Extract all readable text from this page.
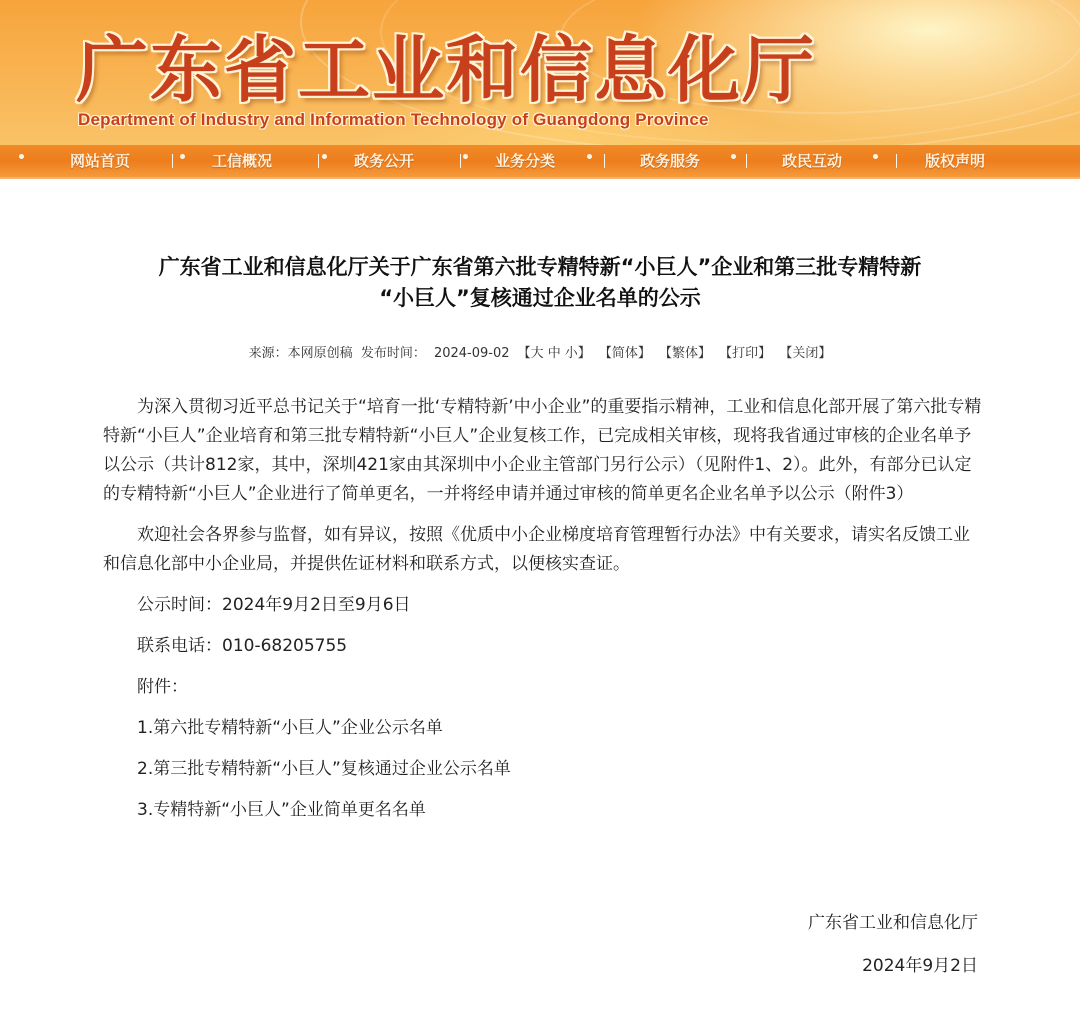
广东省工业和信息化厅

Department of Industry and Information Technology of Guangdong Province

网站首页	工信概况	政务公开	业务分类	政务服务	政民互动	版权声明
广东省工业和信息化厅关于广东省第六批专精特新“小巨人”企业和第三批专精特新
“小巨人”复核通过企业名单的公示
来源：本网原创稿 发布时间： 2024-09-02 【大 中 小】 【简体】 【繁体】 【打印】 【关闭】

为深入贯彻习近平总书记关于“培育一批‘专精特新’中小企业”的重要指示精神，工业和信息化部开展了第六批专精特新“小巨人”企业培育和第三批专精特新“小巨人”企业复核工作，已完成相关审核，现将我省通过审核的企业名单予以公示（共计812家，其中，深圳421家由其深圳中小企业主管部门另行公示）（见附件1、2）。此外，有部分已认定的专精特新“小巨人”企业进行了简单更名，一并将经申请并通过审核的简单更名企业名单予以公示（附件3）

欢迎社会各界参与监督，如有异议，按照《优质中小企业梯度培育管理暂行办法》中有关要求，请实名反馈工业和信息化部中小企业局，并提供佐证材料和联系方式，以便核实查证。

公示时间：2024年9月2日至9月6日
联系电话：010-68205755
附件：
1.第六批专精特新“小巨人”企业公示名单
2.第三批专精特新“小巨人”复核通过企业公示名单
3.专精特新“小巨人”企业简单更名名单
广东省工业和信息化厅
2024年9月2日
